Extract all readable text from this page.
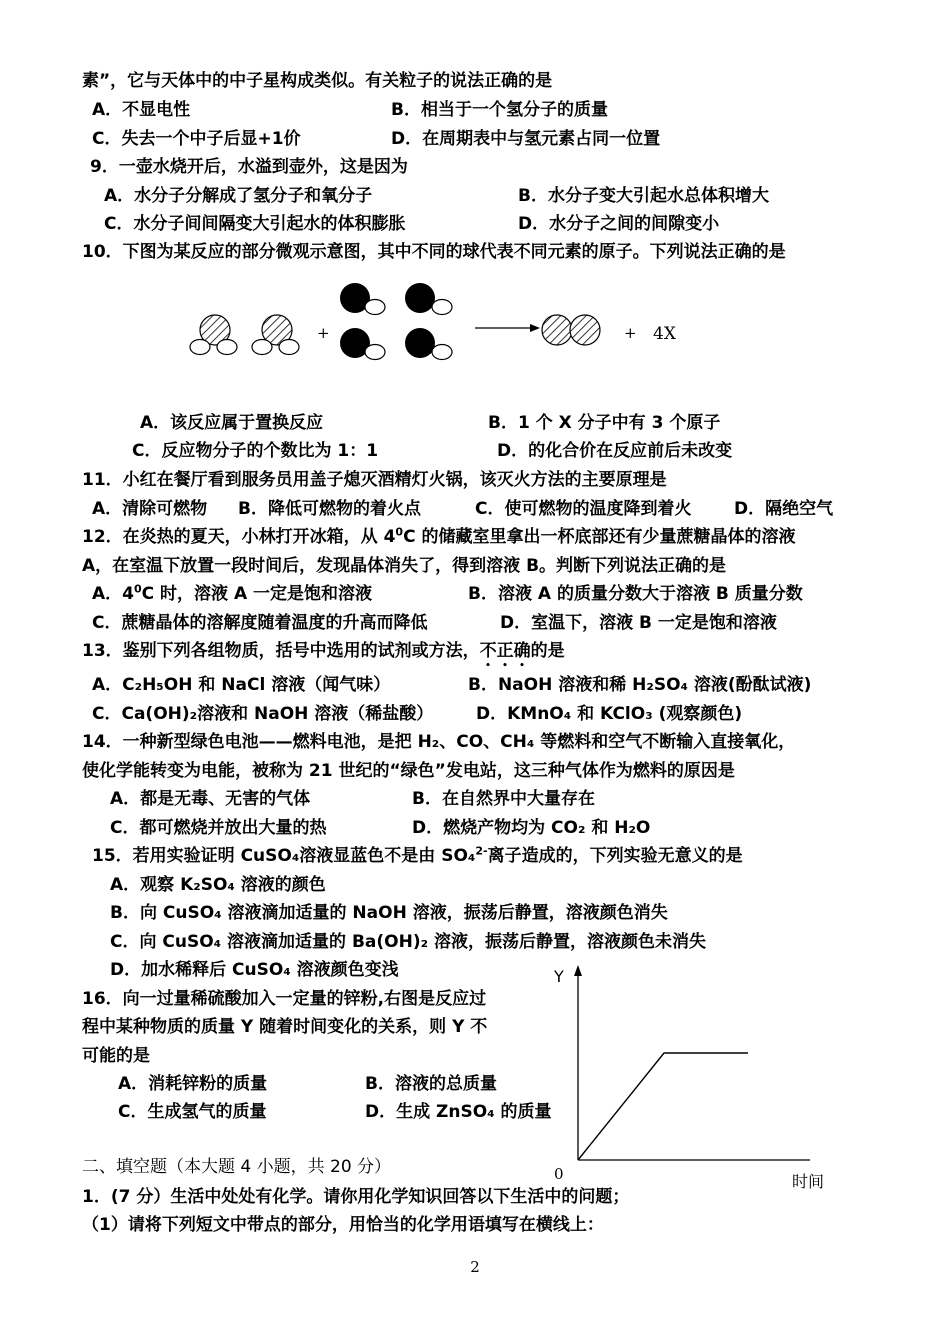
素”，它与天体中的中子星构成类似。有关粒子的说法正确的是
A．不显电性	B．相当于一个氢分子的质量
C．失去一个中子后显+1价	D．在周期表中与氢元素占同一位置
9．一壶水烧开后，水溢到壶外，这是因为
A．水分子分解成了氢分子和氧分子	B．水分子变大引起水总体积增大
C．水分子间间隔变大引起水的体积膨胀	D．水分子之间的间隙变小
10．下图为某反应的部分微观示意图，其中不同的球代表不同元素的原子。下列说法正确的是
+	+ 4X
A．该反应属于置换反应	B．1 个 X 分子中有 3 个原子
C．反应物分子的个数比为 1：1	D．的化合价在反应前后未改变
11．小红在餐厅看到服务员用盖子熄灭酒精灯火锅，该灭火方法的主要原理是
A．清除可燃物 B．降低可燃物的着火点	C．使可燃物的温度降到着火	D．隔绝空气
12．在炎热的夏天，小林打开冰箱，从 $4^0C$ 的储藏室里拿出一杯底部还有少量蔗糖晶体的溶液
A，在室温下放置一段时间后，发现晶体消失了，得到溶液 B。判断下列说法正确的是
A．$4^0C$ 时，溶液 A 一定是饱和溶液	B．溶液 A 的质量分数大于溶液 B 质量分数
C．蔗糖晶体的溶解度随着温度的升高而降低	D．室温下，溶液 B 一定是饱和溶液
13．鉴别下列各组物质，括号中选用的试剂或方法，不正确的是
A．C₂H₅OH 和 NaCl 溶液（闻气味）	B．NaOH 溶液和稀 H₂SO₄ 溶液(酚酞试液)
C．Ca(OH)₂溶液和 NaOH 溶液（稀盐酸）	D．KMnO₄ 和 KClO₃ (观察颜色)
14．一种新型绿色电池——燃料电池，是把 H₂、CO、CH₄ 等燃料和空气不断输入直接氧化，
使化学能转变为电能，被称为 21 世纪的“绿色”发电站，这三种气体作为燃料的原因是
A．都是无毒、无害的气体	B．在自然界中大量存在
C．都可燃烧并放出大量的热	D．燃烧产物均为 CO₂ 和 H₂O
15．若用实验证明 CuSO₄溶液显蓝色不是由 SO₄$^{2-}$离子造成的，下列实验无意义的是
A．观察 K₂SO₄ 溶液的颜色
B．向 CuSO₄ 溶液滴加适量的 NaOH 溶液，振荡后静置，溶液颜色消失
C．向 CuSO₄ 溶液滴加适量的 Ba(OH)₂ 溶液，振荡后静置，溶液颜色未消失
D．加水稀释后 CuSO₄ 溶液颜色变浅
16．向一过量稀硫酸加入一定量的锌粉,右图是反应过
程中某种物质的质量 Y 随着时间变化的关系，则 Y 不
可能的是
A．消耗锌粉的质量	B．溶液的总质量
C．生成氢气的质量	D．生成 ZnSO₄ 的质量
Y
0	时间
二、填空题（本大题 4 小题，共 20 分）
1．(7 分）生活中处处有化学。请你用化学知识回答以下生活中的问题；
（1）请将下列短文中带点的部分，用恰当的化学用语填写在横线上：
2
